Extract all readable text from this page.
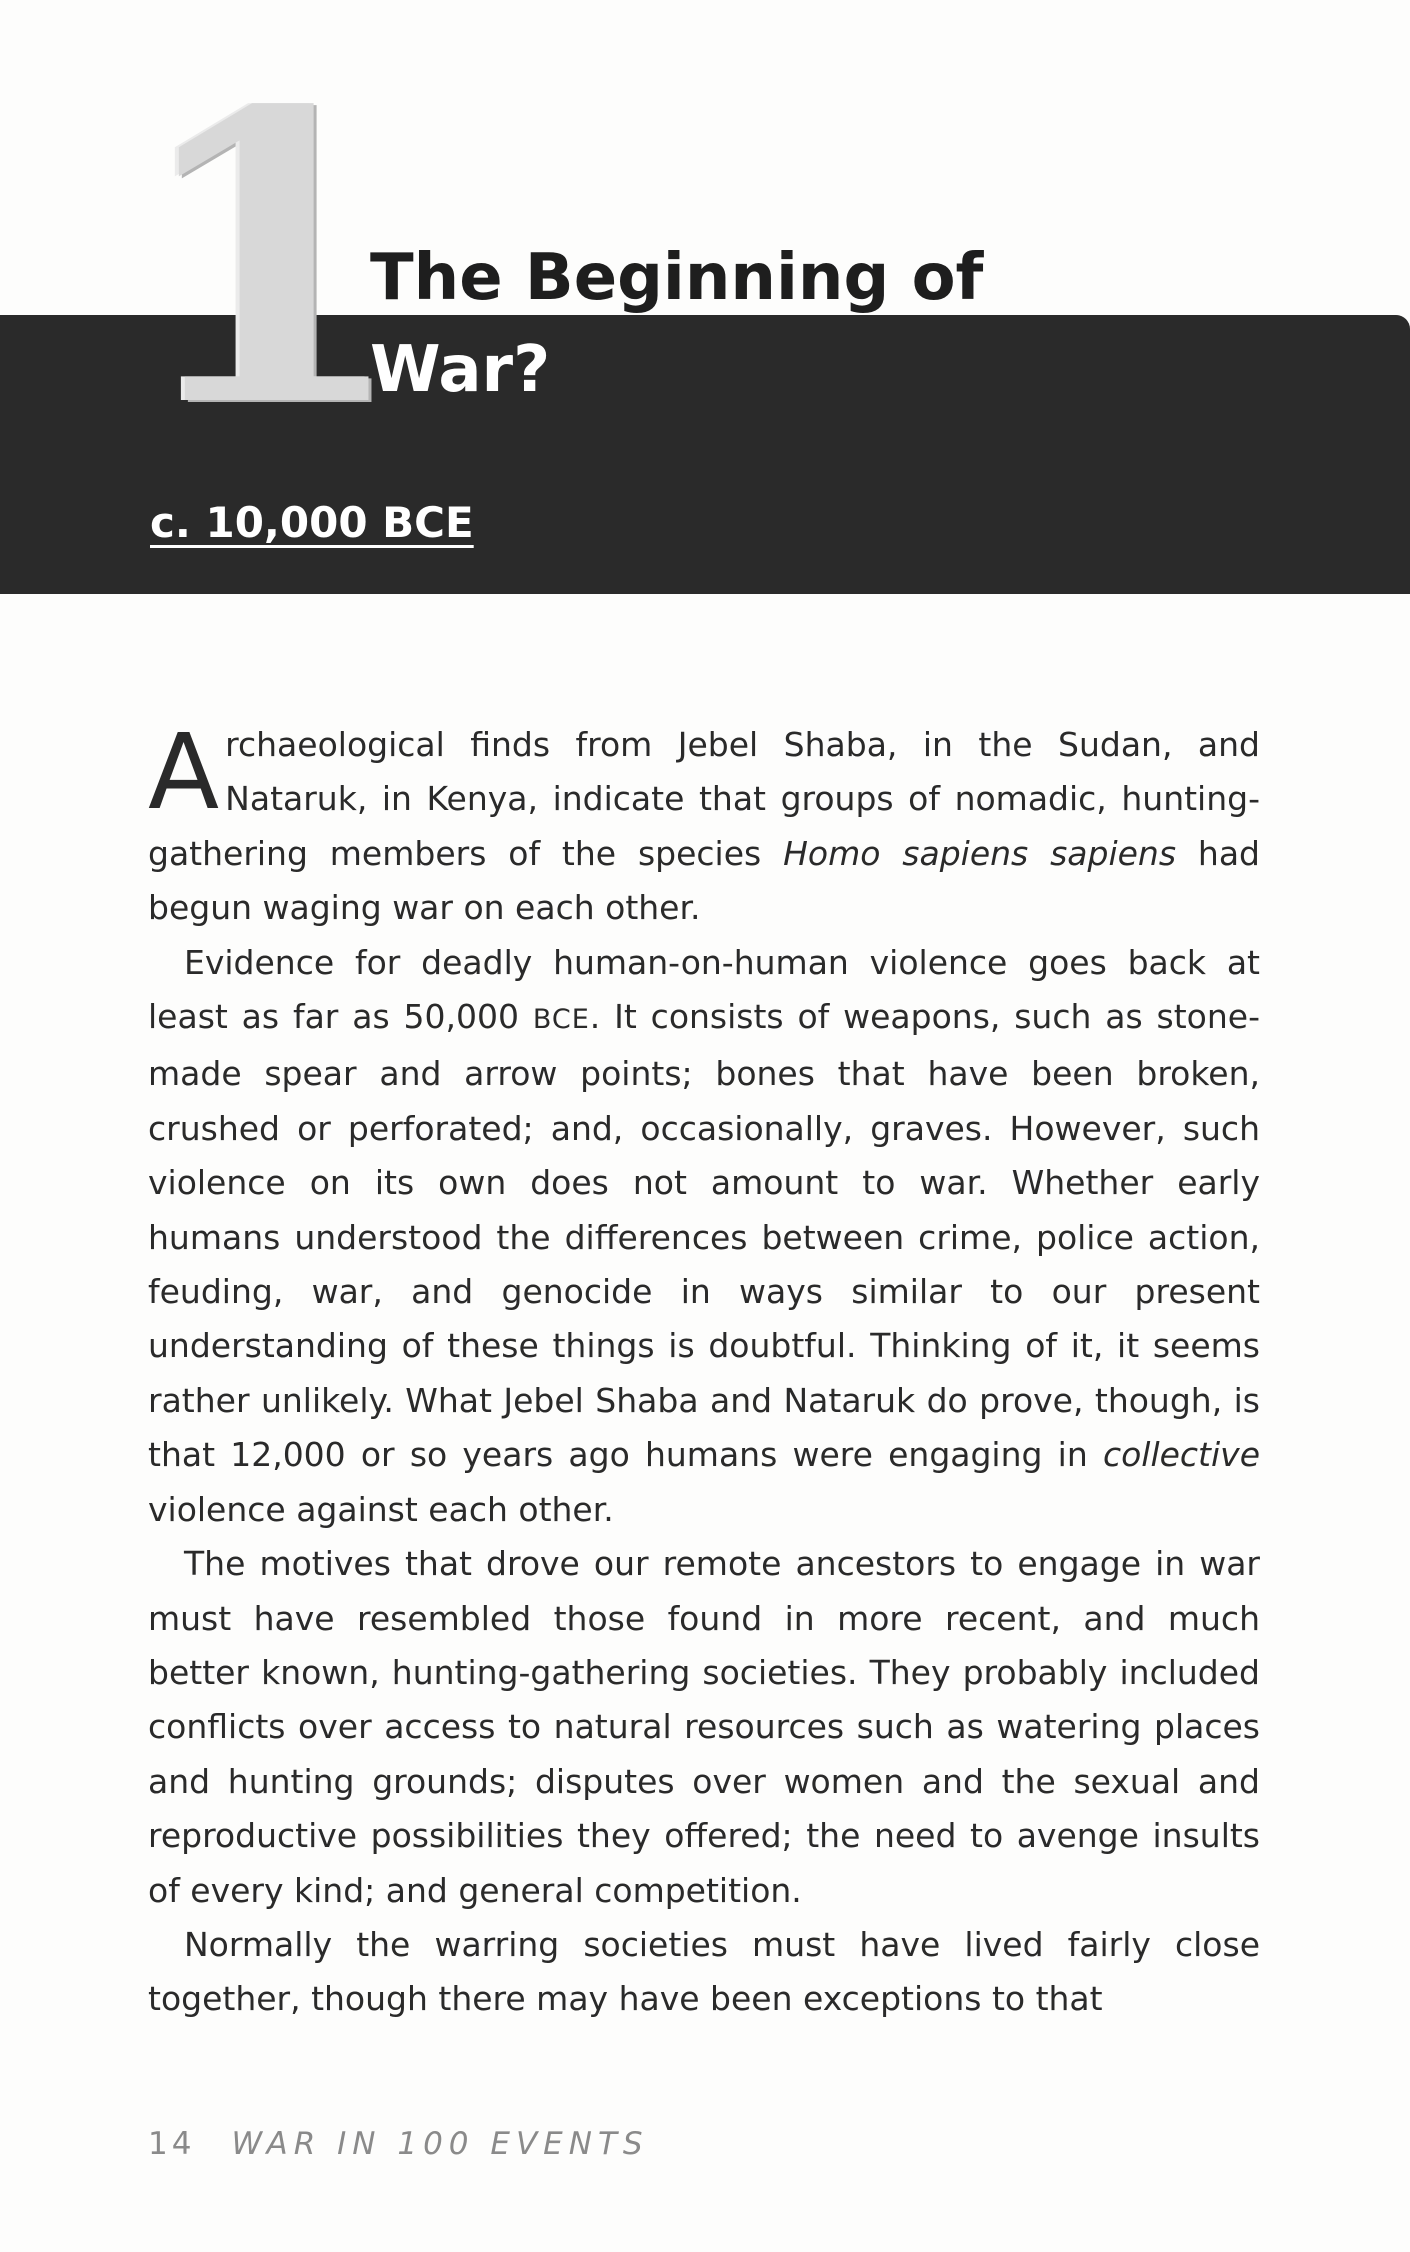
1
The Beginning of
War?
c. 10,000 BCE

Archaeological finds from Jebel Shaba, in the Sudan, and Nataruk, in Kenya, indicate that groups of nomadic, hunting-gathering members of the species Homo sapiens sapiens had begun waging war on each other.

Evidence for deadly human-on-human violence goes back at least as far as 50,000 BCE. It consists of weapons, such as stone-made spear and arrow points; bones that have been broken, crushed or perforated; and, occasionally, graves. However, such violence on its own does not amount to war. Whether early humans understood the differences between crime, police action, feuding, war, and genocide in ways similar to our present understanding of these things is doubtful. Thinking of it, it seems rather unlikely. What Jebel Shaba and Nataruk do prove, though, is that 12,000 or so years ago humans were engaging in collective violence against each other.

The motives that drove our remote ancestors to engage in war must have resembled those found in more recent, and much better known, hunting-gathering societies. They probably included conflicts over access to natural resources such as watering places and hunting grounds; disputes over women and the sexual and reproductive possibilities they offered; the need to avenge insults of every kind; and general competition.

Normally the warring societies must have lived fairly close together, though there may have been exceptions to that

14 WAR IN 100 EVENTS
